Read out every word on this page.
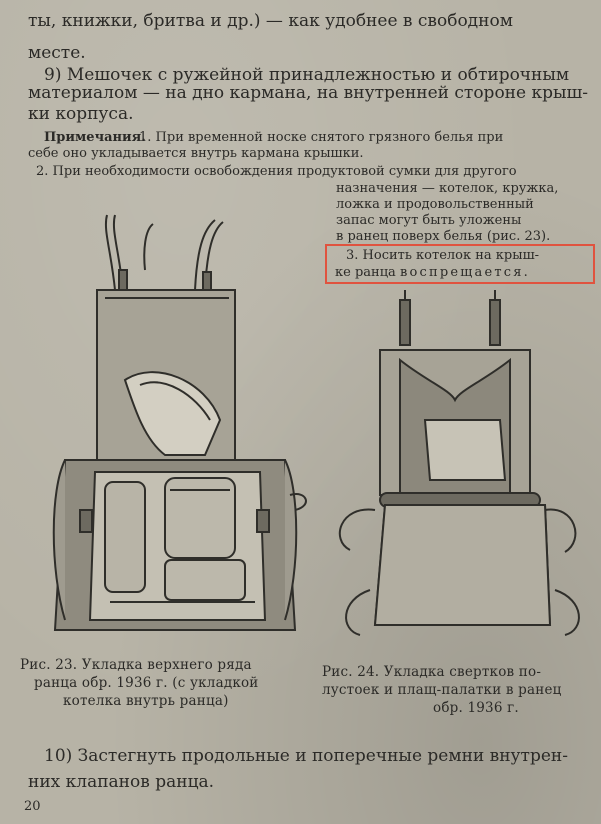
ты, книжки, бритва и др.) — как удобнее в свободном
месте.
9) Мешочек с ружейной принадлежностью и обтирочным
материалом — на дно кармана, на внутренней стороне крыш-
ки корпуса.
Примечания.
1. При временной носке снятого грязного белья при
себе оно укладывается внутрь кармана крышки.
2. При необходимости освобождения продуктовой сумки для другого
назначения — котелок, кружка,
ложка и продовольственный
запас могут быть уложены
в ранец поверх белья (рис. 23).
3. Носить котелок на крыш-
ке ранца воспрещается.
Рис. 23. Укладка верхнего ряда
ранца обр. 1936 г. (с укладкой
котелка внутрь ранца)
Рис. 24. Укладка свертков по-
лустоек и плащ-палатки в ранец
обр. 1936 г.
10) Застегнуть продольные и поперечные ремни внутрен-
них клапанов ранца.
20
